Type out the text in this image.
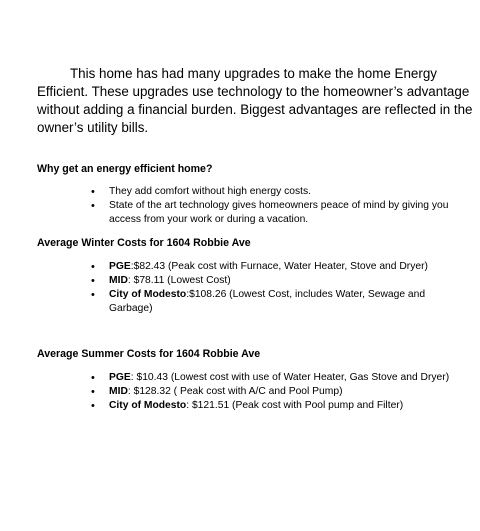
This home has had many upgrades to make the home Energy
Efficient. These upgrades use technology to the homeowner’s advantage
without adding a financial burden. Biggest advantages are reflected in the
owner’s utility bills.
Why get an energy efficient home?
• They add comfort without high energy costs.
• State of the art technology gives homeowners peace of mind by giving you access from your work or during a vacation.
Average Winter Costs for 1604 Robbie Ave
• PGE:$82.43 (Peak cost with Furnace, Water Heater, Stove and Dryer)
• MID: $78.11 (Lowest Cost)
• City of Modesto:$108.26 (Lowest Cost, includes Water, Sewage and Garbage)
Average Summer Costs for 1604 Robbie Ave
• PGE: $10.43 (Lowest cost with use of Water Heater, Gas Stove and Dryer)
• MID: $128.32 ( Peak cost with A/C and Pool Pump)
• City of Modesto: $121.51 (Peak cost with Pool pump and Filter)
